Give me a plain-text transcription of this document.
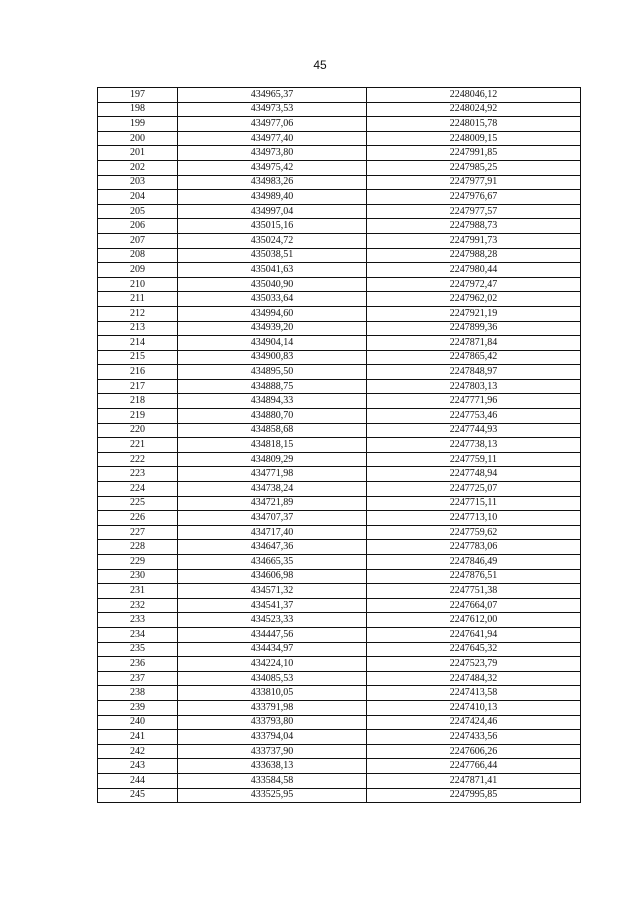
45
197	434965,37	2248046,12
198	434973,53	2248024,92
199	434977,06	2248015,78
200	434977,40	2248009,15
201	434973,80	2247991,85
202	434975,42	2247985,25
203	434983,26	2247977,91
204	434989,40	2247976,67
205	434997,04	2247977,57
206	435015,16	2247988,73
207	435024,72	2247991,73
208	435038,51	2247988,28
209	435041,63	2247980,44
210	435040,90	2247972,47
211	435033,64	2247962,02
212	434994,60	2247921,19
213	434939,20	2247899,36
214	434904,14	2247871,84
215	434900,83	2247865,42
216	434895,50	2247848,97
217	434888,75	2247803,13
218	434894,33	2247771,96
219	434880,70	2247753,46
220	434858,68	2247744,93
221	434818,15	2247738,13
222	434809,29	2247759,11
223	434771,98	2247748,94
224	434738,24	2247725,07
225	434721,89	2247715,11
226	434707,37	2247713,10
227	434717,40	2247759,62
228	434647,36	2247783,06
229	434665,35	2247846,49
230	434606,98	2247876,51
231	434571,32	2247751,38
232	434541,37	2247664,07
233	434523,33	2247612,00
234	434447,56	2247641,94
235	434434,97	2247645,32
236	434224,10	2247523,79
237	434085,53	2247484,32
238	433810,05	2247413,58
239	433791,98	2247410,13
240	433793,80	2247424,46
241	433794,04	2247433,56
242	433737,90	2247606,26
243	433638,13	2247766,44
244	433584,58	2247871,41
245	433525,95	2247995,85
